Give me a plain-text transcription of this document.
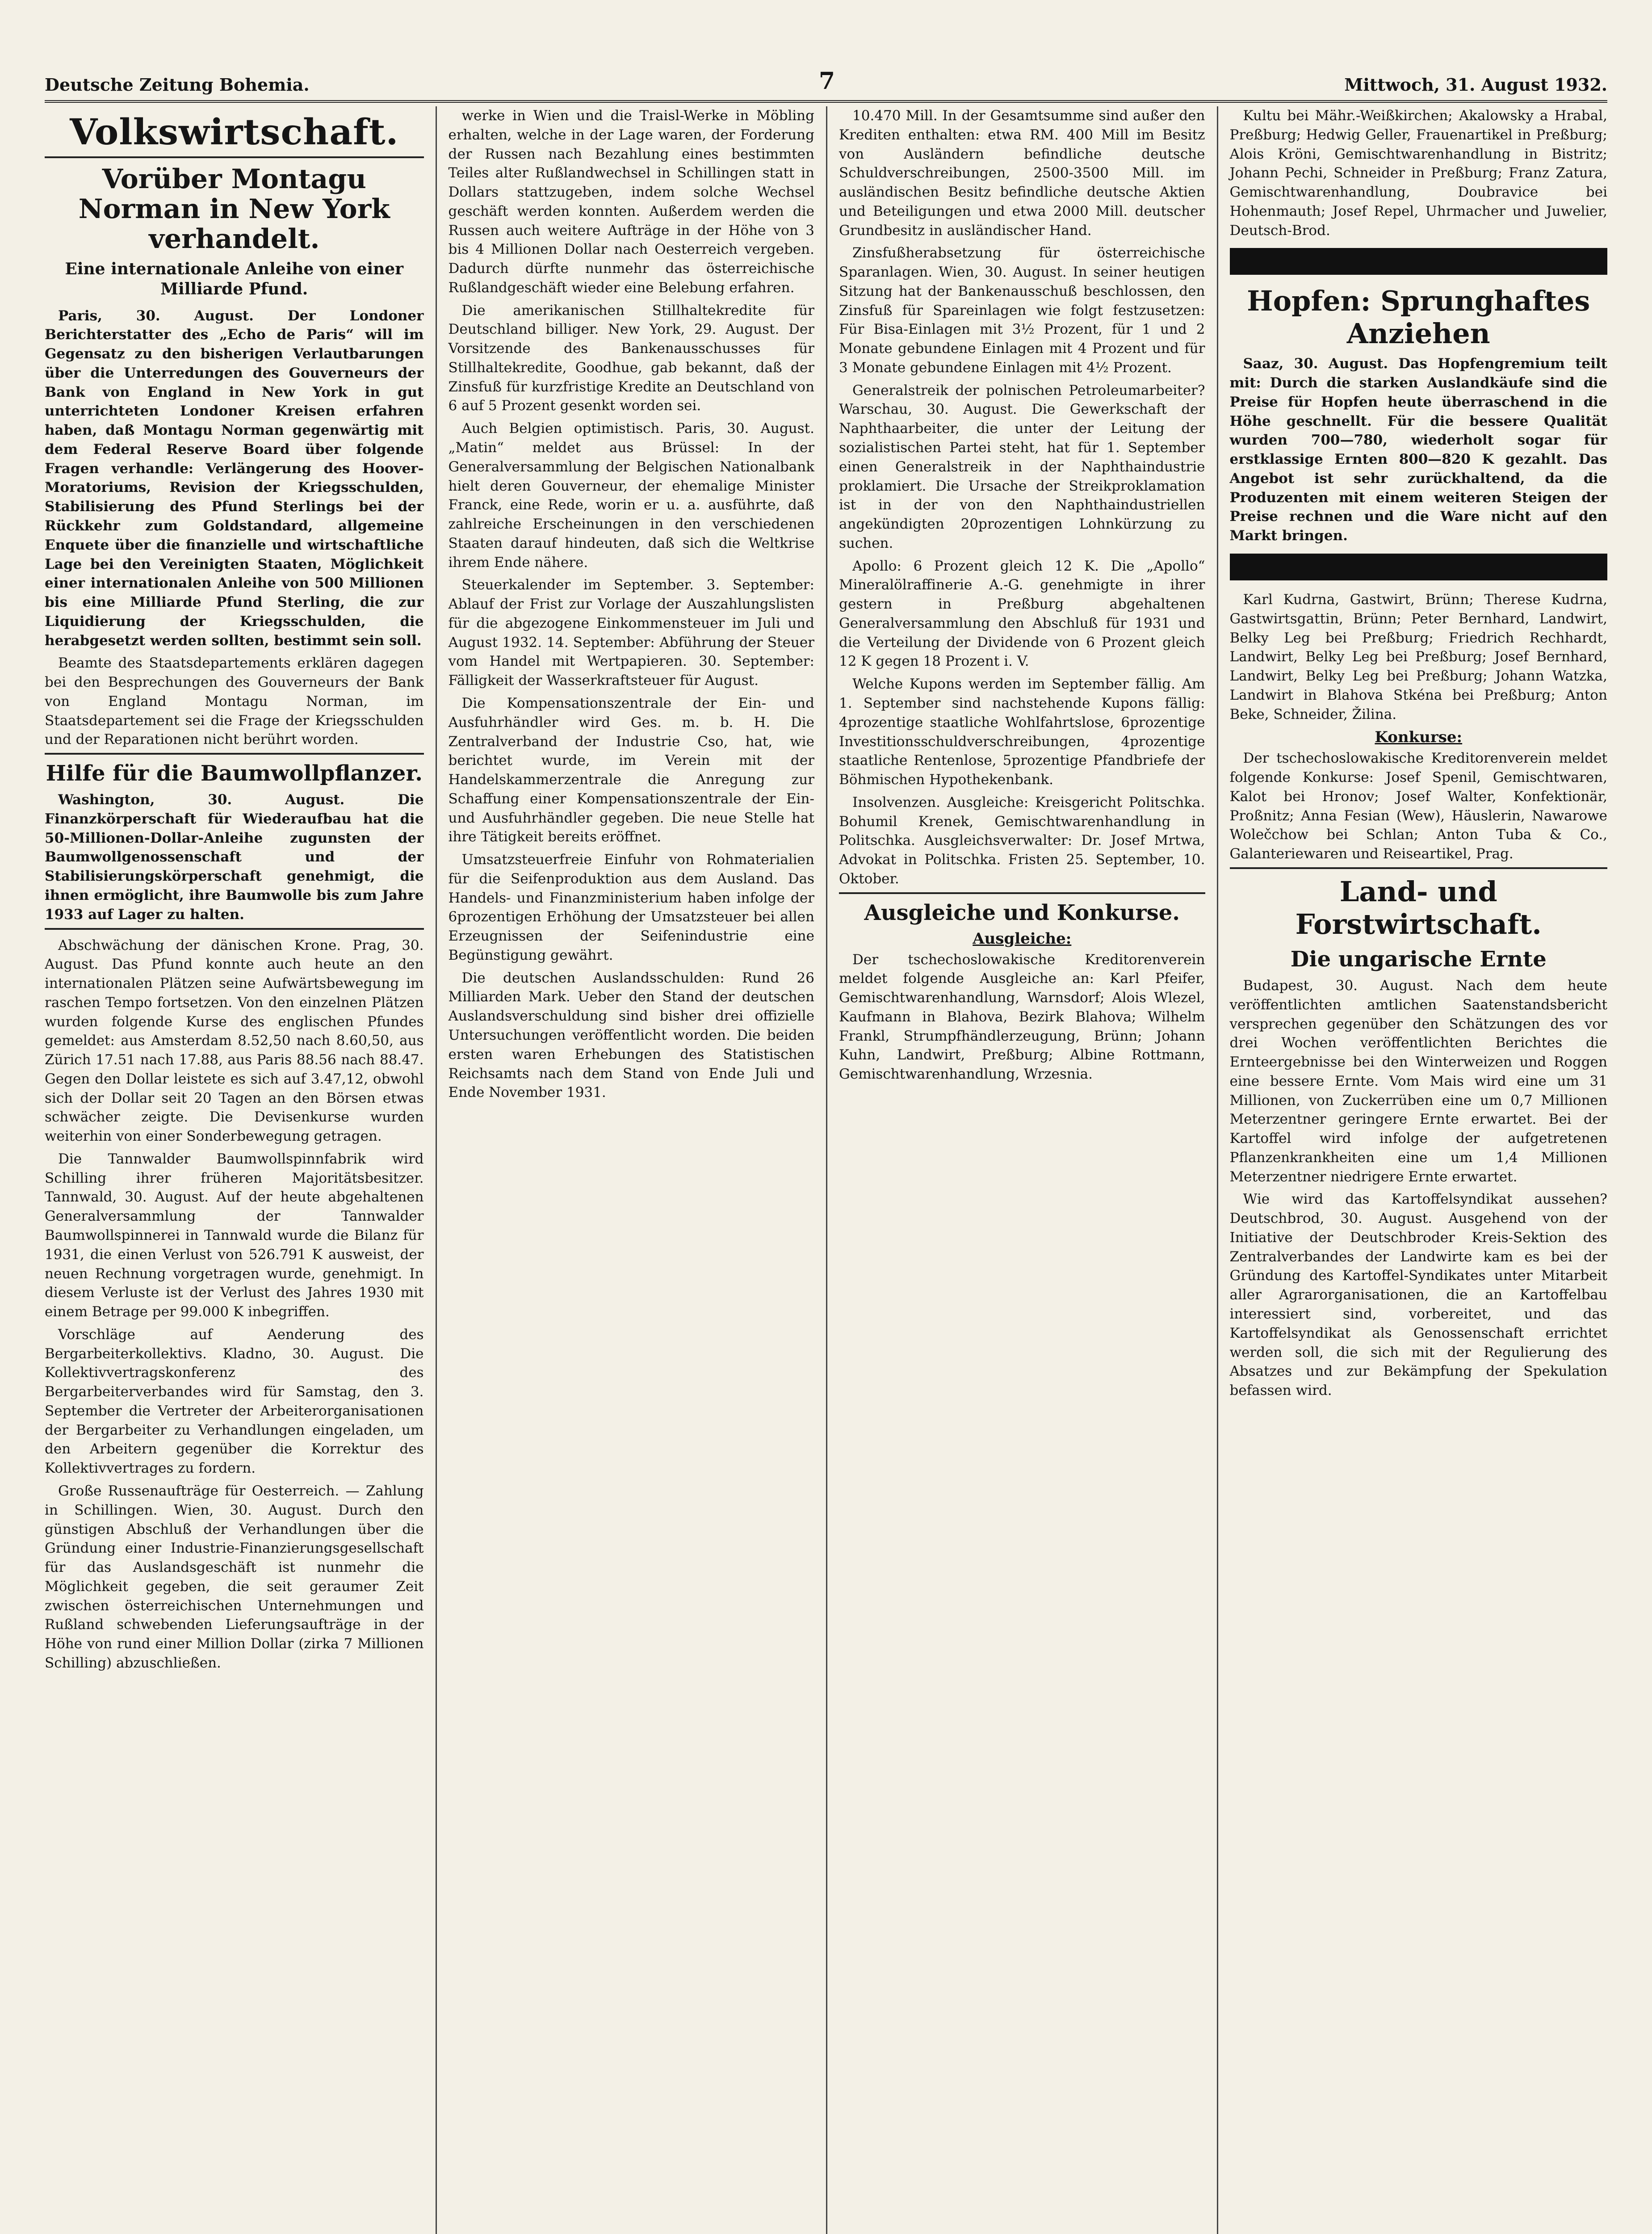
Deutsche Zeitung Bohemia.	7	Mittwoch, 31. August 1932.
Volkswirtschaft.
Vorüber Montagu Norman in New York verhandelt.
Eine internationale Anleihe von einer Milliarde Pfund.

Paris, 30. August. Der Londoner Berichterstatter des „Echo de Paris“ will im Gegensatz zu den bisherigen Verlautbarungen über die Unterredungen des Gouverneurs der Bank von England in New York in gut unterrichteten Londoner Kreisen erfahren haben, daß Montagu Norman gegenwärtig mit dem Federal Reserve Board über folgende Fragen verhandle: Verlängerung des Hoover-Moratoriums, Revision der Kriegsschulden, Stabilisierung des Pfund Sterlings bei der Rückkehr zum Goldstandard, allgemeine Enquete über die finanzielle und wirtschaftliche Lage bei den Vereinigten Staaten, Möglichkeit einer internationalen Anleihe von 500 Millionen bis eine Milliarde Pfund Sterling, die zur Liquidierung der Kriegsschulden, die herabgesetzt werden sollten, bestimmt sein soll.

Beamte des Staatsdepartements erklären dagegen bei den Besprechungen des Gouverneurs der Bank von England Montagu Norman, im Staatsdepartement sei die Frage der Kriegsschulden und der Reparationen nicht berührt worden.

Hilfe für die Baumwollpflanzer.

Washington, 30. August. Die Finanzkörperschaft für Wiederaufbau hat die 50-Millionen-Dollar-Anleihe zugunsten der Baumwollgenossenschaft und der Stabilisierungskörperschaft genehmigt, die ihnen ermöglicht, ihre Baumwolle bis zum Jahre 1933 auf Lager zu halten.

Abschwächung der dänischen Krone. Prag, 30. August. Das Pfund konnte auch heute an den internationalen Plätzen seine Aufwärtsbewegung im raschen Tempo fortsetzen. Von den einzelnen Plätzen wurden folgende Kurse des englischen Pfundes gemeldet: aus Amsterdam 8.52,50 nach 8.60,50, aus Zürich 17.51 nach 17.88, aus Paris 88.56 nach 88.47. Gegen den Dollar leistete es sich auf 3.47,12, obwohl sich der Dollar seit 20 Tagen an den Börsen etwas schwächer zeigte. Die Devisenkurse wurden weiterhin von einer Sonderbewegung getragen.

Die Tannwalder Baumwollspinnfabrik wird Schilling ihrer früheren Majoritätsbesitzer. Tannwald, 30. August. Auf der heute abgehaltenen Generalversammlung der Tannwalder Baumwollspinnerei in Tannwald wurde die Bilanz für 1931, die einen Verlust von 526.791 K ausweist, der neuen Rechnung vorgetragen wurde, genehmigt. In diesem Verluste ist der Verlust des Jahres 1930 mit einem Betrage per 99.000 K inbegriffen.

Vorschläge auf Aenderung des Bergarbeiterkollektivs. Kladno, 30. August. Die Kollektivvertragskonferenz des Bergarbeiterverbandes wird für Samstag, den 3. September die Vertreter der Arbeiterorganisationen der Bergarbeiter zu Verhandlungen eingeladen, um den Arbeitern gegenüber die Korrektur des Kollektivvertrages zu fordern.

Große Russenaufträge für Oesterreich. — Zahlung in Schillingen. Wien, 30. August. Durch den günstigen Abschluß der Verhandlungen über die Gründung einer Industrie-Finanzierungsgesellschaft für das Auslandsgeschäft ist nunmehr die Möglichkeit gegeben, die seit geraumer Zeit zwischen österreichischen Unternehmungen und Rußland schwebenden Lieferungsaufträge in der Höhe von rund einer Million Dollar (zirka 7 Millionen Schilling) abzuschließen.

werke in Wien und die Traisl-Werke in Möbling erhalten, welche in der Lage waren, der Forderung der Russen nach Bezahlung eines bestimmten Teiles alter Rußlandwechsel in Schillingen statt in Dollars stattzugeben, indem solche Wechsel geschäft werden konnten. Außerdem werden die Russen auch weitere Aufträge in der Höhe von 3 bis 4 Millionen Dollar nach Oesterreich vergeben. Dadurch dürfte nunmehr das österreichische Rußlandgeschäft wieder eine Belebung erfahren.

Die amerikanischen Stillhaltekredite für Deutschland billiger. New York, 29. August. Der Vorsitzende des Bankenausschusses für Stillhaltekredite, Goodhue, gab bekannt, daß der Zinsfuß für kurzfristige Kredite an Deutschland von 6 auf 5 Prozent gesenkt worden sei.

Auch Belgien optimistisch. Paris, 30. August. „Matin“ meldet aus Brüssel: In der Generalversammlung der Belgischen Nationalbank hielt deren Gouverneur, der ehemalige Minister Franck, eine Rede, worin er u. a. ausführte, daß zahlreiche Erscheinungen in den verschiedenen Staaten darauf hindeuten, daß sich die Weltkrise ihrem Ende nähere.

Steuerkalender im September. 3. September: Ablauf der Frist zur Vorlage der Auszahlungslisten für die abgezogene Einkommensteuer im Juli und August 1932. 14. September: Abführung der Steuer vom Handel mit Wertpapieren. 30. September: Fälligkeit der Wasserkraftsteuer für August.

Die Kompensationszentrale der Ein- und Ausfuhrhändler wird Ges. m. b. H. Die Zentralverband der Industrie Cso, hat, wie berichtet wurde, im Verein mit der Handelskammerzentrale die Anregung zur Schaffung einer Kompensationszentrale der Ein- und Ausfuhrhändler gegeben. Die neue Stelle hat ihre Tätigkeit bereits eröffnet.

Umsatzsteuerfreie Einfuhr von Rohmaterialien für die Seifenproduktion aus dem Ausland. Das Handels- und Finanzministerium haben infolge der 6prozentigen Erhöhung der Umsatzsteuer bei allen Erzeugnissen der Seifenindustrie eine Begünstigung gewährt.

Die deutschen Auslandsschulden: Rund 26 Milliarden Mark. Ueber den Stand der deutschen Auslandsverschuldung sind bisher drei offizielle Untersuchungen veröffentlicht worden. Die beiden ersten waren Erhebungen des Statistischen Reichsamts nach dem Stand von Ende Juli und Ende November 1931.

10.470 Mill. In der Gesamtsumme sind außer den Krediten enthalten: etwa RM. 400 Mill im Besitz von Ausländern befindliche deutsche Schuldverschreibungen, 2500-3500 Mill. im ausländischen Besitz befindliche deutsche Aktien und Beteiligungen und etwa 2000 Mill. deutscher Grundbesitz in ausländischer Hand.

Zinsfußherabsetzung für österreichische Sparanlagen. Wien, 30. August. In seiner heutigen Sitzung hat der Bankenausschuß beschlossen, den Zinsfuß für Spareinlagen wie folgt festzusetzen: Für Bisa-Einlagen mit 3½ Prozent, für 1 und 2 Monate gebundene Einlagen mit 4 Prozent und für 3 Monate gebundene Einlagen mit 4½ Prozent.

Generalstreik der polnischen Petroleumarbeiter? Warschau, 30. August. Die Gewerkschaft der Naphthaarbeiter, die unter der Leitung der sozialistischen Partei steht, hat für 1. September einen Generalstreik in der Naphthaindustrie proklamiert. Die Ursache der Streikproklamation ist in der von den Naphthaindustriellen angekündigten 20prozentigen Lohnkürzung zu suchen.

Apollo: 6 Prozent gleich 12 K. Die „Apollo“ Mineralölraffinerie A.-G. genehmigte in ihrer gestern in Preßburg abgehaltenen Generalversammlung den Abschluß für 1931 und die Verteilung der Dividende von 6 Prozent gleich 12 K gegen 18 Prozent i. V.

Welche Kupons werden im September fällig. Am 1. September sind nachstehende Kupons fällig: 4prozentige staatliche Wohlfahrtslose, 6prozentige Investitionsschuldverschreibungen, 4prozentige staatliche Rentenlose, 5prozentige Pfandbriefe der Böhmischen Hypothekenbank.

Insolvenzen. Ausgleiche: Kreisgericht Politschka. Bohumil Krenek, Gemischtwarenhandlung in Politschka. Ausgleichsverwalter: Dr. Josef Mrtwa, Advokat in Politschka. Fristen 25. September, 10. Oktober.

Ausgleiche und Konkurse.
Ausgleiche:

Der tschechoslowakische Kreditorenverein meldet folgende Ausgleiche an: Karl Pfeifer, Gemischtwarenhandlung, Warnsdorf; Alois Wlezel, Kaufmann in Blahova, Bezirk Blahova; Wilhelm Frankl, Strumpfhändlerzeugung, Brünn; Johann Kuhn, Landwirt, Preßburg; Albine Rottmann, Gemischtwarenhandlung, Wrzesnia.

Kultu bei Mähr.-Weißkirchen; Akalowsky a Hrabal, Preßburg; Hedwig Geller, Frauenartikel in Preßburg; Alois Kröni, Gemischtwarenhandlung in Bistritz; Johann Pechi, Schneider in Preßburg; Franz Zatura, Gemischtwarenhandlung, Doubravice bei Hohenmauth; Josef Repel, Uhrmacher und Juwelier, Deutsch-Brod.

Hopfen: Sprunghaftes Anziehen

Saaz, 30. August. Das Hopfengremium teilt mit: Durch die starken Auslandkäufe sind die Preise für Hopfen heute überraschend in die Höhe geschnellt. Für die bessere Qualität wurden 700—780, wiederholt sogar für erstklassige Ernten 800—820 K gezahlt. Das Angebot ist sehr zurückhaltend, da die Produzenten mit einem weiteren Steigen der Preise rechnen und die Ware nicht auf den Markt bringen.

Karl Kudrna, Gastwirt, Brünn; Therese Kudrna, Gastwirtsgattin, Brünn; Peter Bernhard, Landwirt, Belky Leg bei Preßburg; Friedrich Rechhardt, Landwirt, Belky Leg bei Preßburg; Josef Bernhard, Landwirt, Belky Leg bei Preßburg; Johann Watzka, Landwirt in Blahova Stkéna bei Preßburg; Anton Beke, Schneider, Žilina.

Konkurse:

Der tschechoslowakische Kreditorenverein meldet folgende Konkurse: Josef Spenil, Gemischtwaren, Kalot bei Hronov; Josef Walter, Konfektionär, Proßnitz; Anna Fesian (Wew), Häuslerin, Nawarowe Wolečchow bei Schlan; Anton Tuba & Co., Galanteriewaren und Reiseartikel, Prag.

Land- und Forstwirtschaft.
Die ungarische Ernte

Budapest, 30. August. Nach dem heute veröffentlichten amtlichen Saatenstandsbericht versprechen gegenüber den Schätzungen des vor drei Wochen veröffentlichten Berichtes die Ernteergebnisse bei den Winterweizen und Roggen eine bessere Ernte. Vom Mais wird eine um 31 Millionen, von Zuckerrüben eine um 0,7 Millionen Meterzentner geringere Ernte erwartet. Bei der Kartoffel wird infolge der aufgetretenen Pflanzenkrankheiten eine um 1,4 Millionen Meterzentner niedrigere Ernte erwartet.

Wie wird das Kartoffelsyndikat aussehen? Deutschbrod, 30. August. Ausgehend von der Initiative der Deutschbroder Kreis-Sektion des Zentralverbandes der Landwirte kam es bei der Gründung des Kartoffel-Syndikates unter Mitarbeit aller Agrarorganisationen, die an Kartoffelbau interessiert sind, vorbereitet, und das Kartoffelsyndikat als Genossenschaft errichtet werden soll, die sich mit der Regulierung des Absatzes und zur Bekämpfung der Spekulation befassen wird.
